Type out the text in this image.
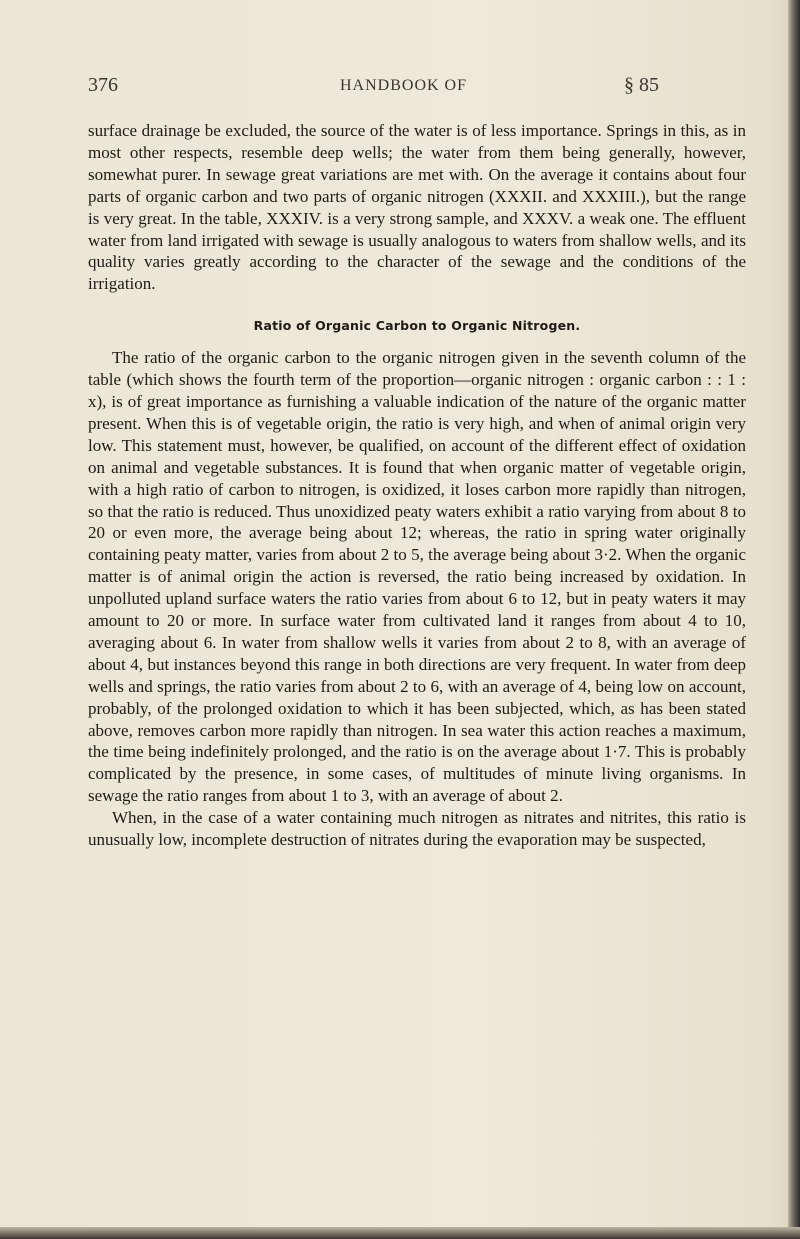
376	HANDBOOK OF	§ 85

surface drainage be excluded, the source of the water is of less importance. Springs in this, as in most other respects, resemble deep wells; the water from them being generally, however, somewhat purer. In sewage great variations are met with. On the average it contains about four parts of organic carbon and two parts of organic nitrogen (XXXII. and XXXIII.), but the range is very great. In the table, XXXIV. is a very strong sample, and XXXV. a weak one. The effluent water from land irrigated with sewage is usually analogous to waters from shallow wells, and its quality varies greatly according to the character of the sewage and the conditions of the irrigation.

Ratio of Organic Carbon to Organic Nitrogen.

The ratio of the organic carbon to the organic nitrogen given in the seventh column of the table (which shows the fourth term of the proportion—organic nitrogen : organic carbon : : 1 : x), is of great importance as furnishing a valuable indication of the nature of the organic matter present. When this is of vegetable origin, the ratio is very high, and when of animal origin very low. This statement must, however, be qualified, on account of the different effect of oxidation on animal and vegetable substances. It is found that when organic matter of vegetable origin, with a high ratio of carbon to nitrogen, is oxidized, it loses carbon more rapidly than nitrogen, so that the ratio is reduced. Thus unoxidized peaty waters exhibit a ratio varying from about 8 to 20 or even more, the average being about 12; whereas, the ratio in spring water originally containing peaty matter, varies from about 2 to 5, the average being about 3·2. When the organic matter is of animal origin the action is reversed, the ratio being increased by oxidation. In unpolluted upland surface waters the ratio varies from about 6 to 12, but in peaty waters it may amount to 20 or more. In surface water from cultivated land it ranges from about 4 to 10, averaging about 6. In water from shallow wells it varies from about 2 to 8, with an average of about 4, but instances beyond this range in both directions are very frequent. In water from deep wells and springs, the ratio varies from about 2 to 6, with an average of 4, being low on account, probably, of the prolonged oxidation to which it has been subjected, which, as has been stated above, removes carbon more rapidly than nitrogen. In sea water this action reaches a maximum, the time being indefinitely prolonged, and the ratio is on the average about 1·7. This is probably complicated by the presence, in some cases, of multitudes of minute living organisms. In sewage the ratio ranges from about 1 to 3, with an average of about 2.

When, in the case of a water containing much nitrogen as nitrates and nitrites, this ratio is unusually low, incomplete destruction of nitrates during the evaporation may be suspected,
